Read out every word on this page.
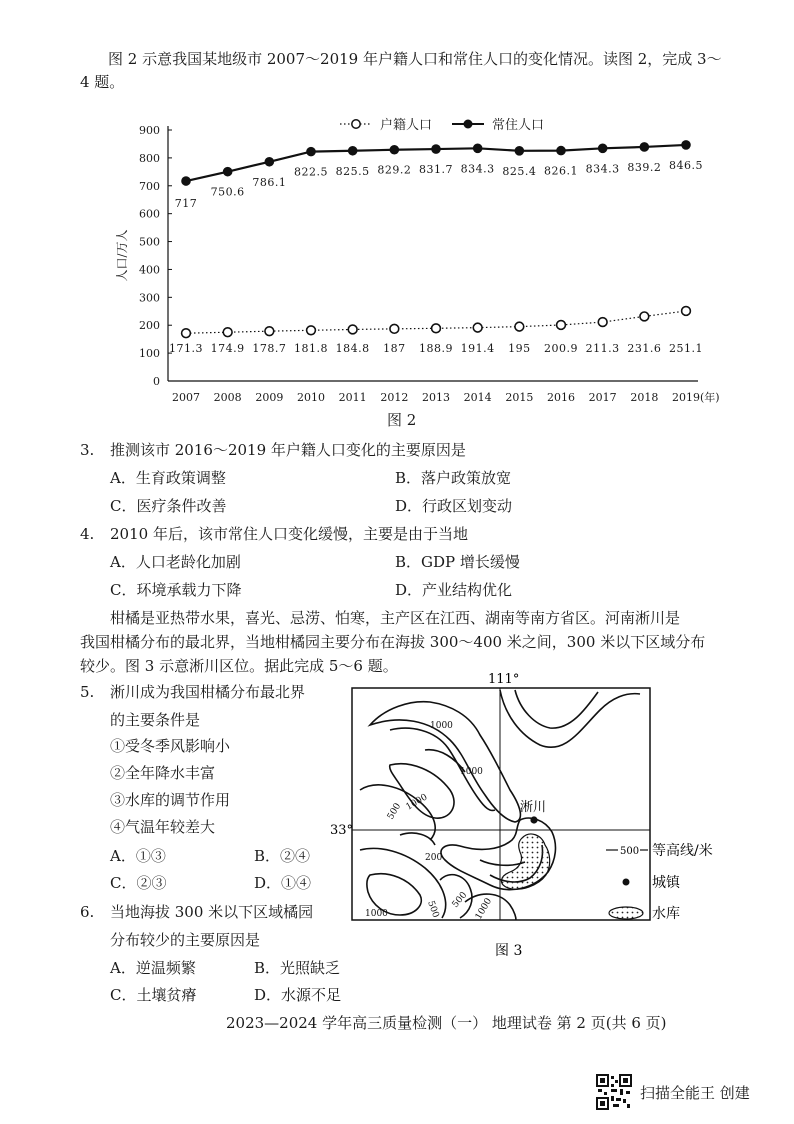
图 2 示意我国某地级市 2007～2019 年户籍人口和常住人口的变化情况。读图 2，完成 3～
4 题。
0
100
200
300
400
500
600
700
800
900
2007 2008 2009 2010 2011 2012 2013 2014 2015 2016 2017 2018 2019 (年)
人口/万人
171.3 174.9 178.7 181.8 184.8 187 188.9 191.4 195 200.9 211.3 231.6 251.1
717
750.6
786.1
822.5 825.5 829.2 831.7 834.3 825.4 826.1 834.3 839.2 846.5
户籍人口	常住人口
图 2
3. 推测该市 2016～2019 年户籍人口变化的主要原因是
A．生育政策调整	B．落户政策放宽
C．医疗条件改善	D．行政区划变动
4. 2010 年后，该市常住人口变化缓慢，主要是由于当地
A．人口老龄化加剧	B．GDP 增长缓慢
C．环境承载力下降	D．产业结构优化
柑橘是亚热带水果，喜光、忌涝、怕寒，主产区在江西、湖南等南方省区。河南淅川是
我国柑橘分布的最北界，当地柑橘园主要分布在海拔 300～400 米之间，300 米以下区域分布
较少。图 3 示意淅川区位。据此完成 5～6 题。
5. 淅川成为我国柑橘分布最北界
的主要条件是
①受冬季风影响小
②全年降水丰富
③水库的调节作用
④气温年较差大
A．①③	B．②④
C．②③	D．①④
6. 当地海拔 300 米以下区域橘园
分布较少的主要原因是
A．逆温频繁	B．光照缺乏
C．土壤贫瘠	D．水源不足
111°
33°
淅川
1000
1000
1000
500
200
500 500 1000
1000
500 等高线/米
城镇
水库
图 3
2023—2024 学年高三质量检测（一） 地理试卷 第 2 页(共 6 页)
扫描全能王 创建
